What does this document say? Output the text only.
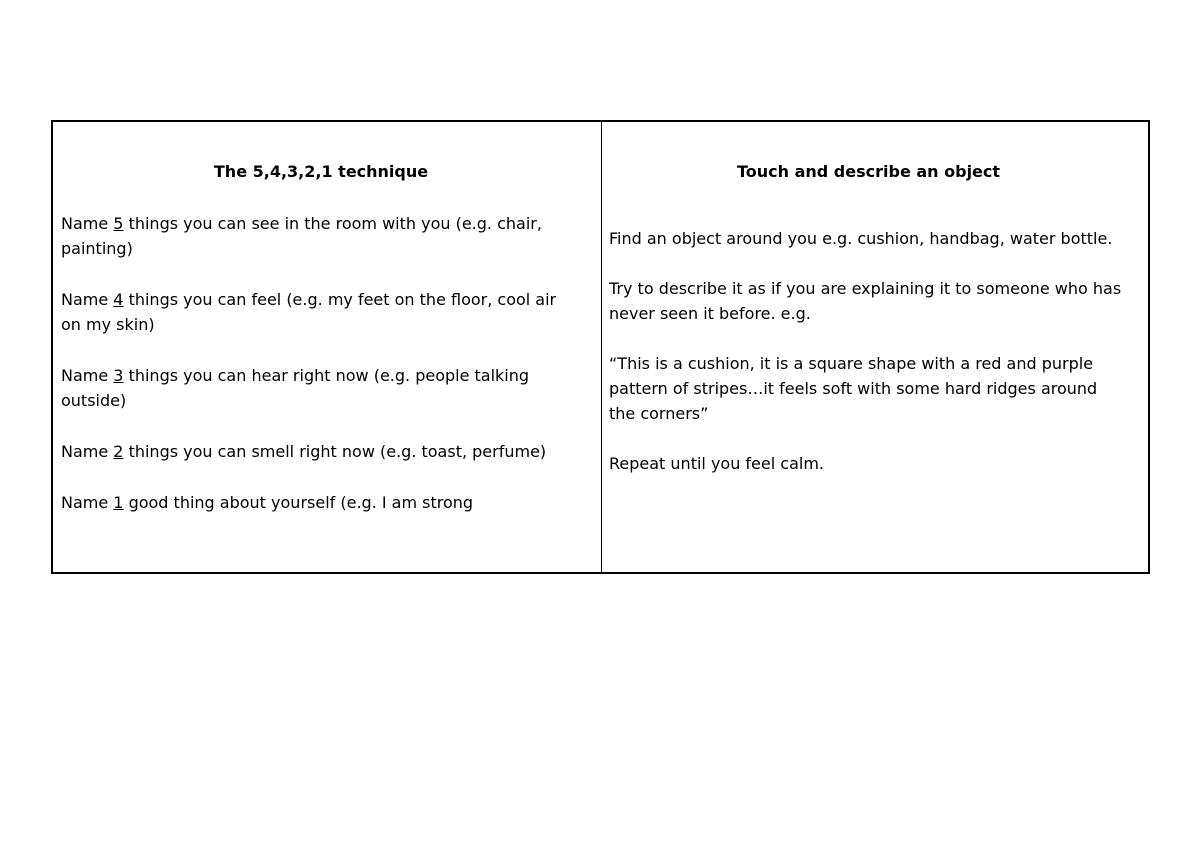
The 5,4,3,2,1 technique

Name 5 things you can see in the room with you (e.g. chair, painting)

Name 4 things you can feel (e.g. my feet on the floor, cool air on my skin)

Name 3 things you can hear right now (e.g. people talking outside)

Name 2 things you can smell right now (e.g. toast, perfume)

Name 1 good thing about yourself (e.g. I am strong

Touch and describe an object

Find an object around you e.g. cushion, handbag, water bottle.

Try to describe it as if you are explaining it to someone who has never seen it before. e.g.

“This is a cushion, it is a square shape with a red and purple pattern of stripes…it feels soft with some hard ridges around the corners”

Repeat until you feel calm.
